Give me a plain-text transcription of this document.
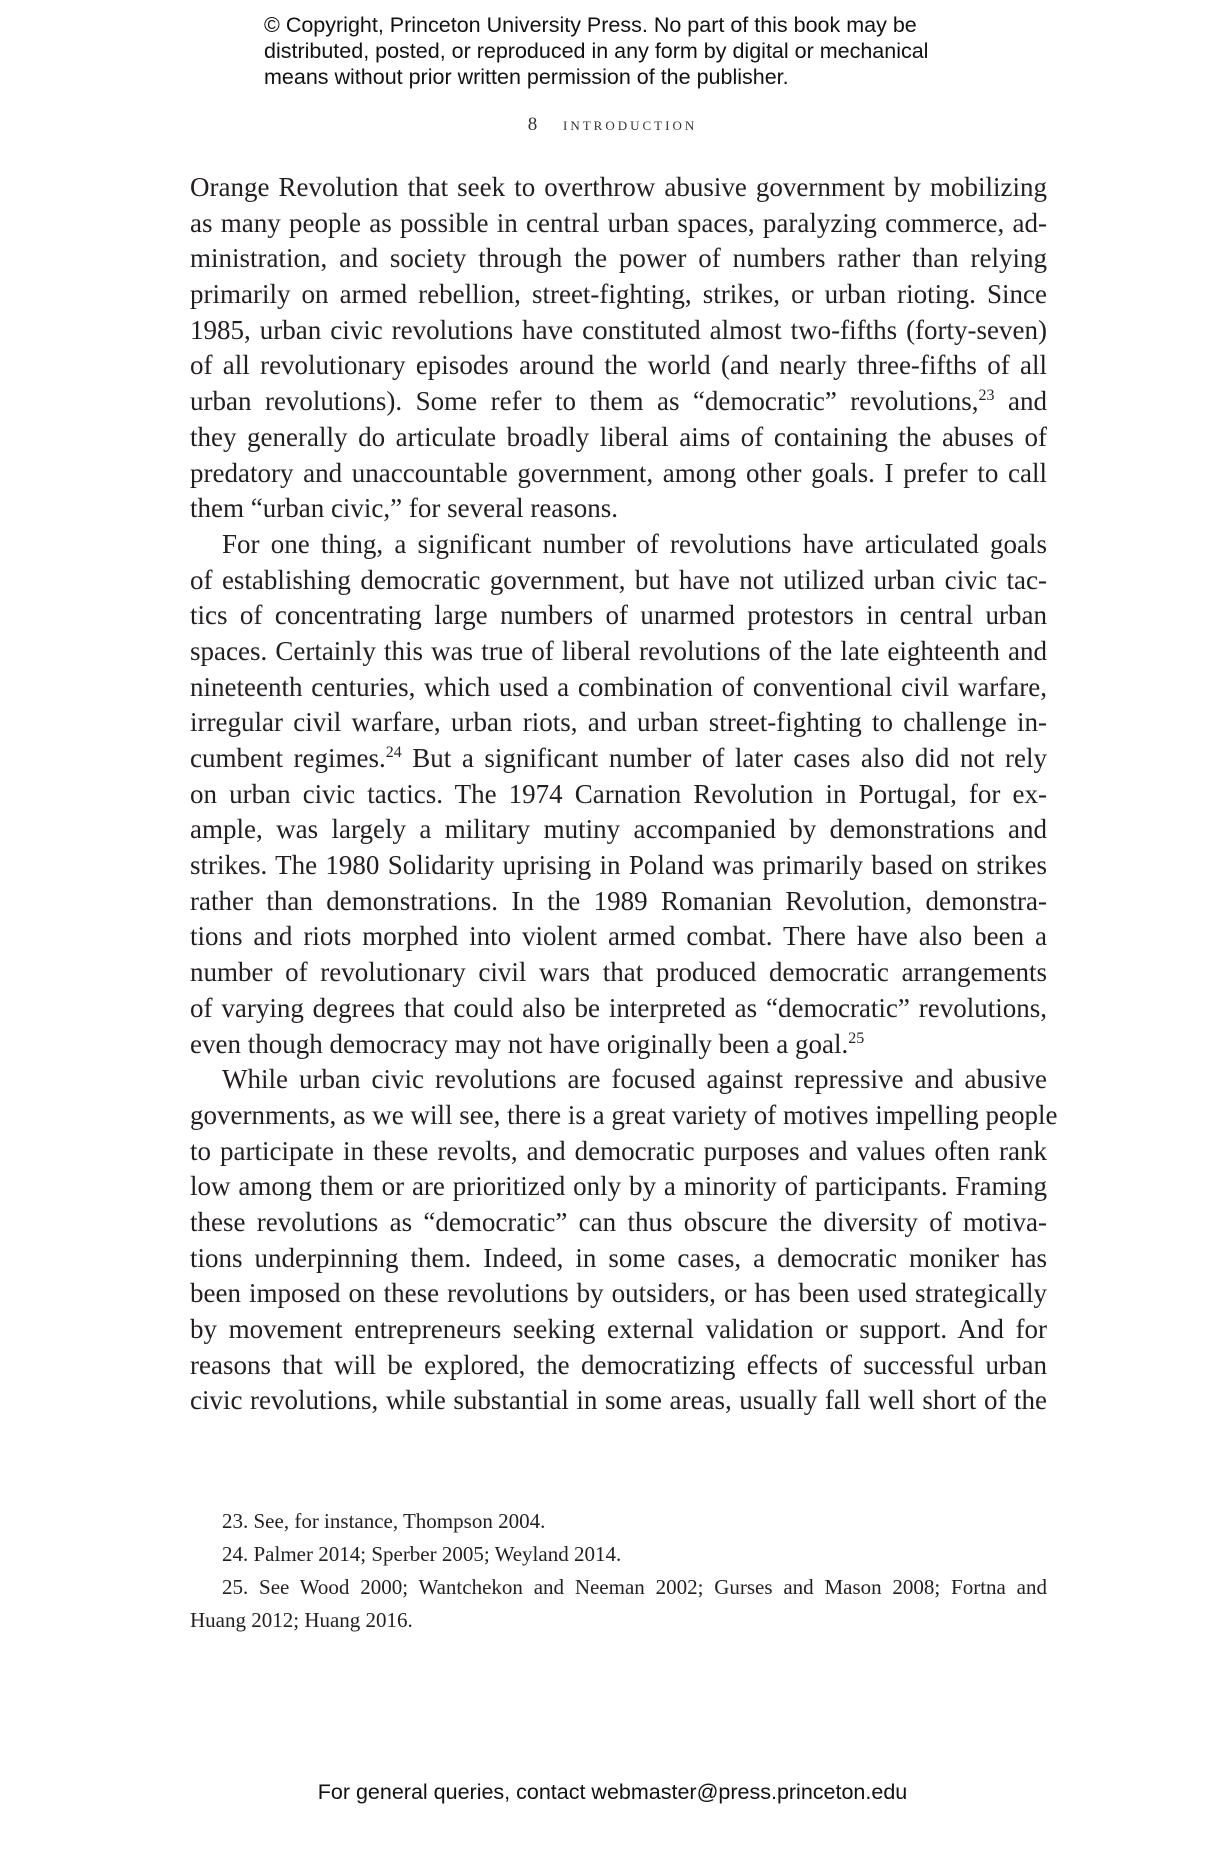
© Copyright, Princeton University Press. No part of this book may be
distributed, posted, or reproduced in any form by digital or mechanical
means without prior written permission of the publisher.
8 introduction
Orange Revolution that seek to overthrow abusive government by mobilizing
as many people as possible in central urban spaces, paralyzing commerce, ad-
ministration, and society through the power of numbers rather than relying
primarily on armed rebellion, street-fighting, strikes, or urban rioting. Since
1985, urban civic revolutions have constituted almost two-fifths (forty-seven)
of all revolutionary episodes around the world (and nearly three-fifths of all
urban revolutions). Some refer to them as “democratic” revolutions,$^{23}$ and
they generally do articulate broadly liberal aims of containing the abuses of
predatory and unaccountable government, among other goals. I prefer to call
them “urban civic,” for several reasons.
For one thing, a significant number of revolutions have articulated goals
of establishing democratic government, but have not utilized urban civic tac-
tics of concentrating large numbers of unarmed protestors in central urban
spaces. Certainly this was true of liberal revolutions of the late eighteenth and
nineteenth centuries, which used a combination of conventional civil warfare,
irregular civil warfare, urban riots, and urban street-fighting to challenge in-
cumbent regimes.$^{24}$ But a significant number of later cases also did not rely
on urban civic tactics. The 1974 Carnation Revolution in Portugal, for ex-
ample, was largely a military mutiny accompanied by demonstrations and
strikes. The 1980 Solidarity uprising in Poland was primarily based on strikes
rather than demonstrations. In the 1989 Romanian Revolution, demonstra-
tions and riots morphed into violent armed combat. There have also been a
number of revolutionary civil wars that produced democratic arrangements
of varying degrees that could also be interpreted as “democratic” revolutions,
even though democracy may not have originally been a goal.$^{25}$
While urban civic revolutions are focused against repressive and abusive
governments, as we will see, there is a great variety of motives impelling people
to participate in these revolts, and democratic purposes and values often rank
low among them or are prioritized only by a minority of participants. Framing
these revolutions as “democratic” can thus obscure the diversity of motiva-
tions underpinning them. Indeed, in some cases, a democratic moniker has
been imposed on these revolutions by outsiders, or has been used strategically
by movement entrepreneurs seeking external validation or support. And for
reasons that will be explored, the democratizing effects of successful urban
civic revolutions, while substantial in some areas, usually fall well short of the
23. See, for instance, Thompson 2004.
24. Palmer 2014; Sperber 2005; Weyland 2014.
25. See Wood 2000; Wantchekon and Neeman 2002; Gurses and Mason 2008; Fortna and
Huang 2012; Huang 2016.
For general queries, contact webmaster@press.princeton.edu
